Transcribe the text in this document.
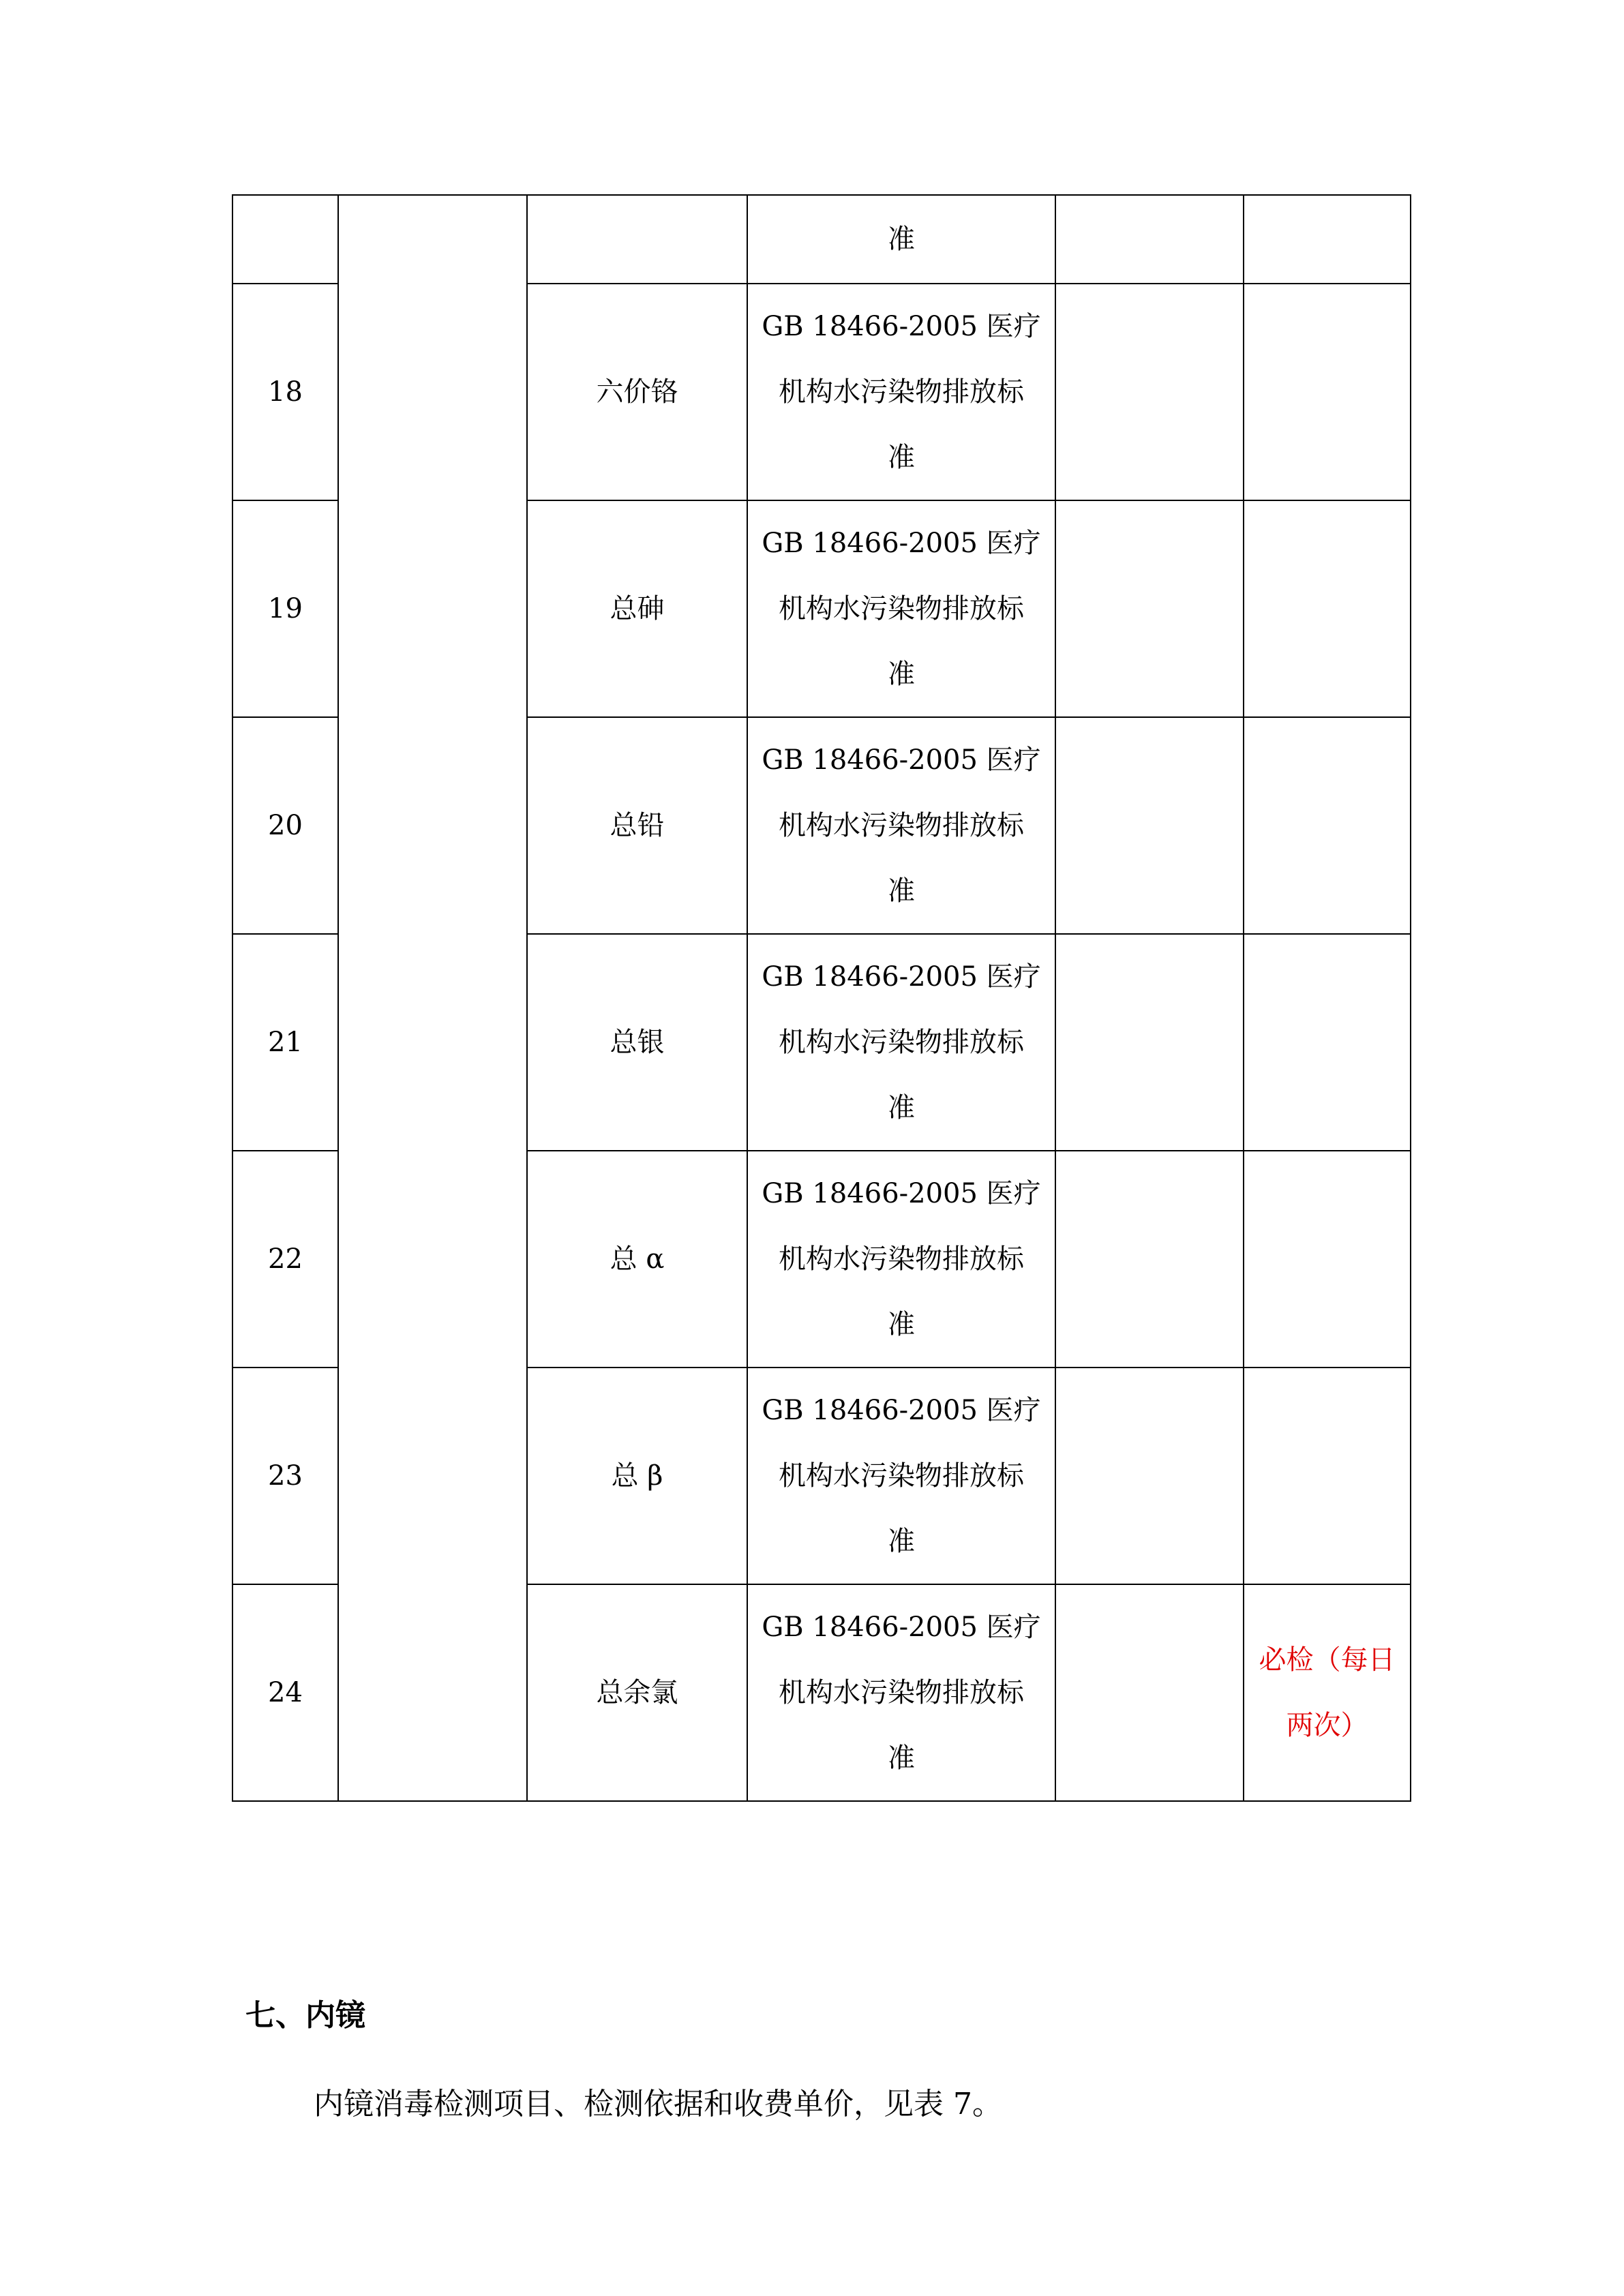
			准		
18		六价铬	GB 18466-2005 医疗
机构水污染物排放标
准		

19		总砷	GB 18466-2005 医疗
机构水污染物排放标
准		

20		总铅	GB 18466-2005 医疗
机构水污染物排放标
准		

21		总银	GB 18466-2005 医疗
机构水污染物排放标
准		

22		总 α	GB 18466-2005 医疗
机构水污染物排放标
准		

23		总 β	GB 18466-2005 医疗
机构水污染物排放标
准		

24		总余氯	GB 18466-2005 医疗
机构水污染物排放标
准		必检（每日两次）
七、内镜
内镜消毒检测项目、检测依据和收费单价，见表 7。
